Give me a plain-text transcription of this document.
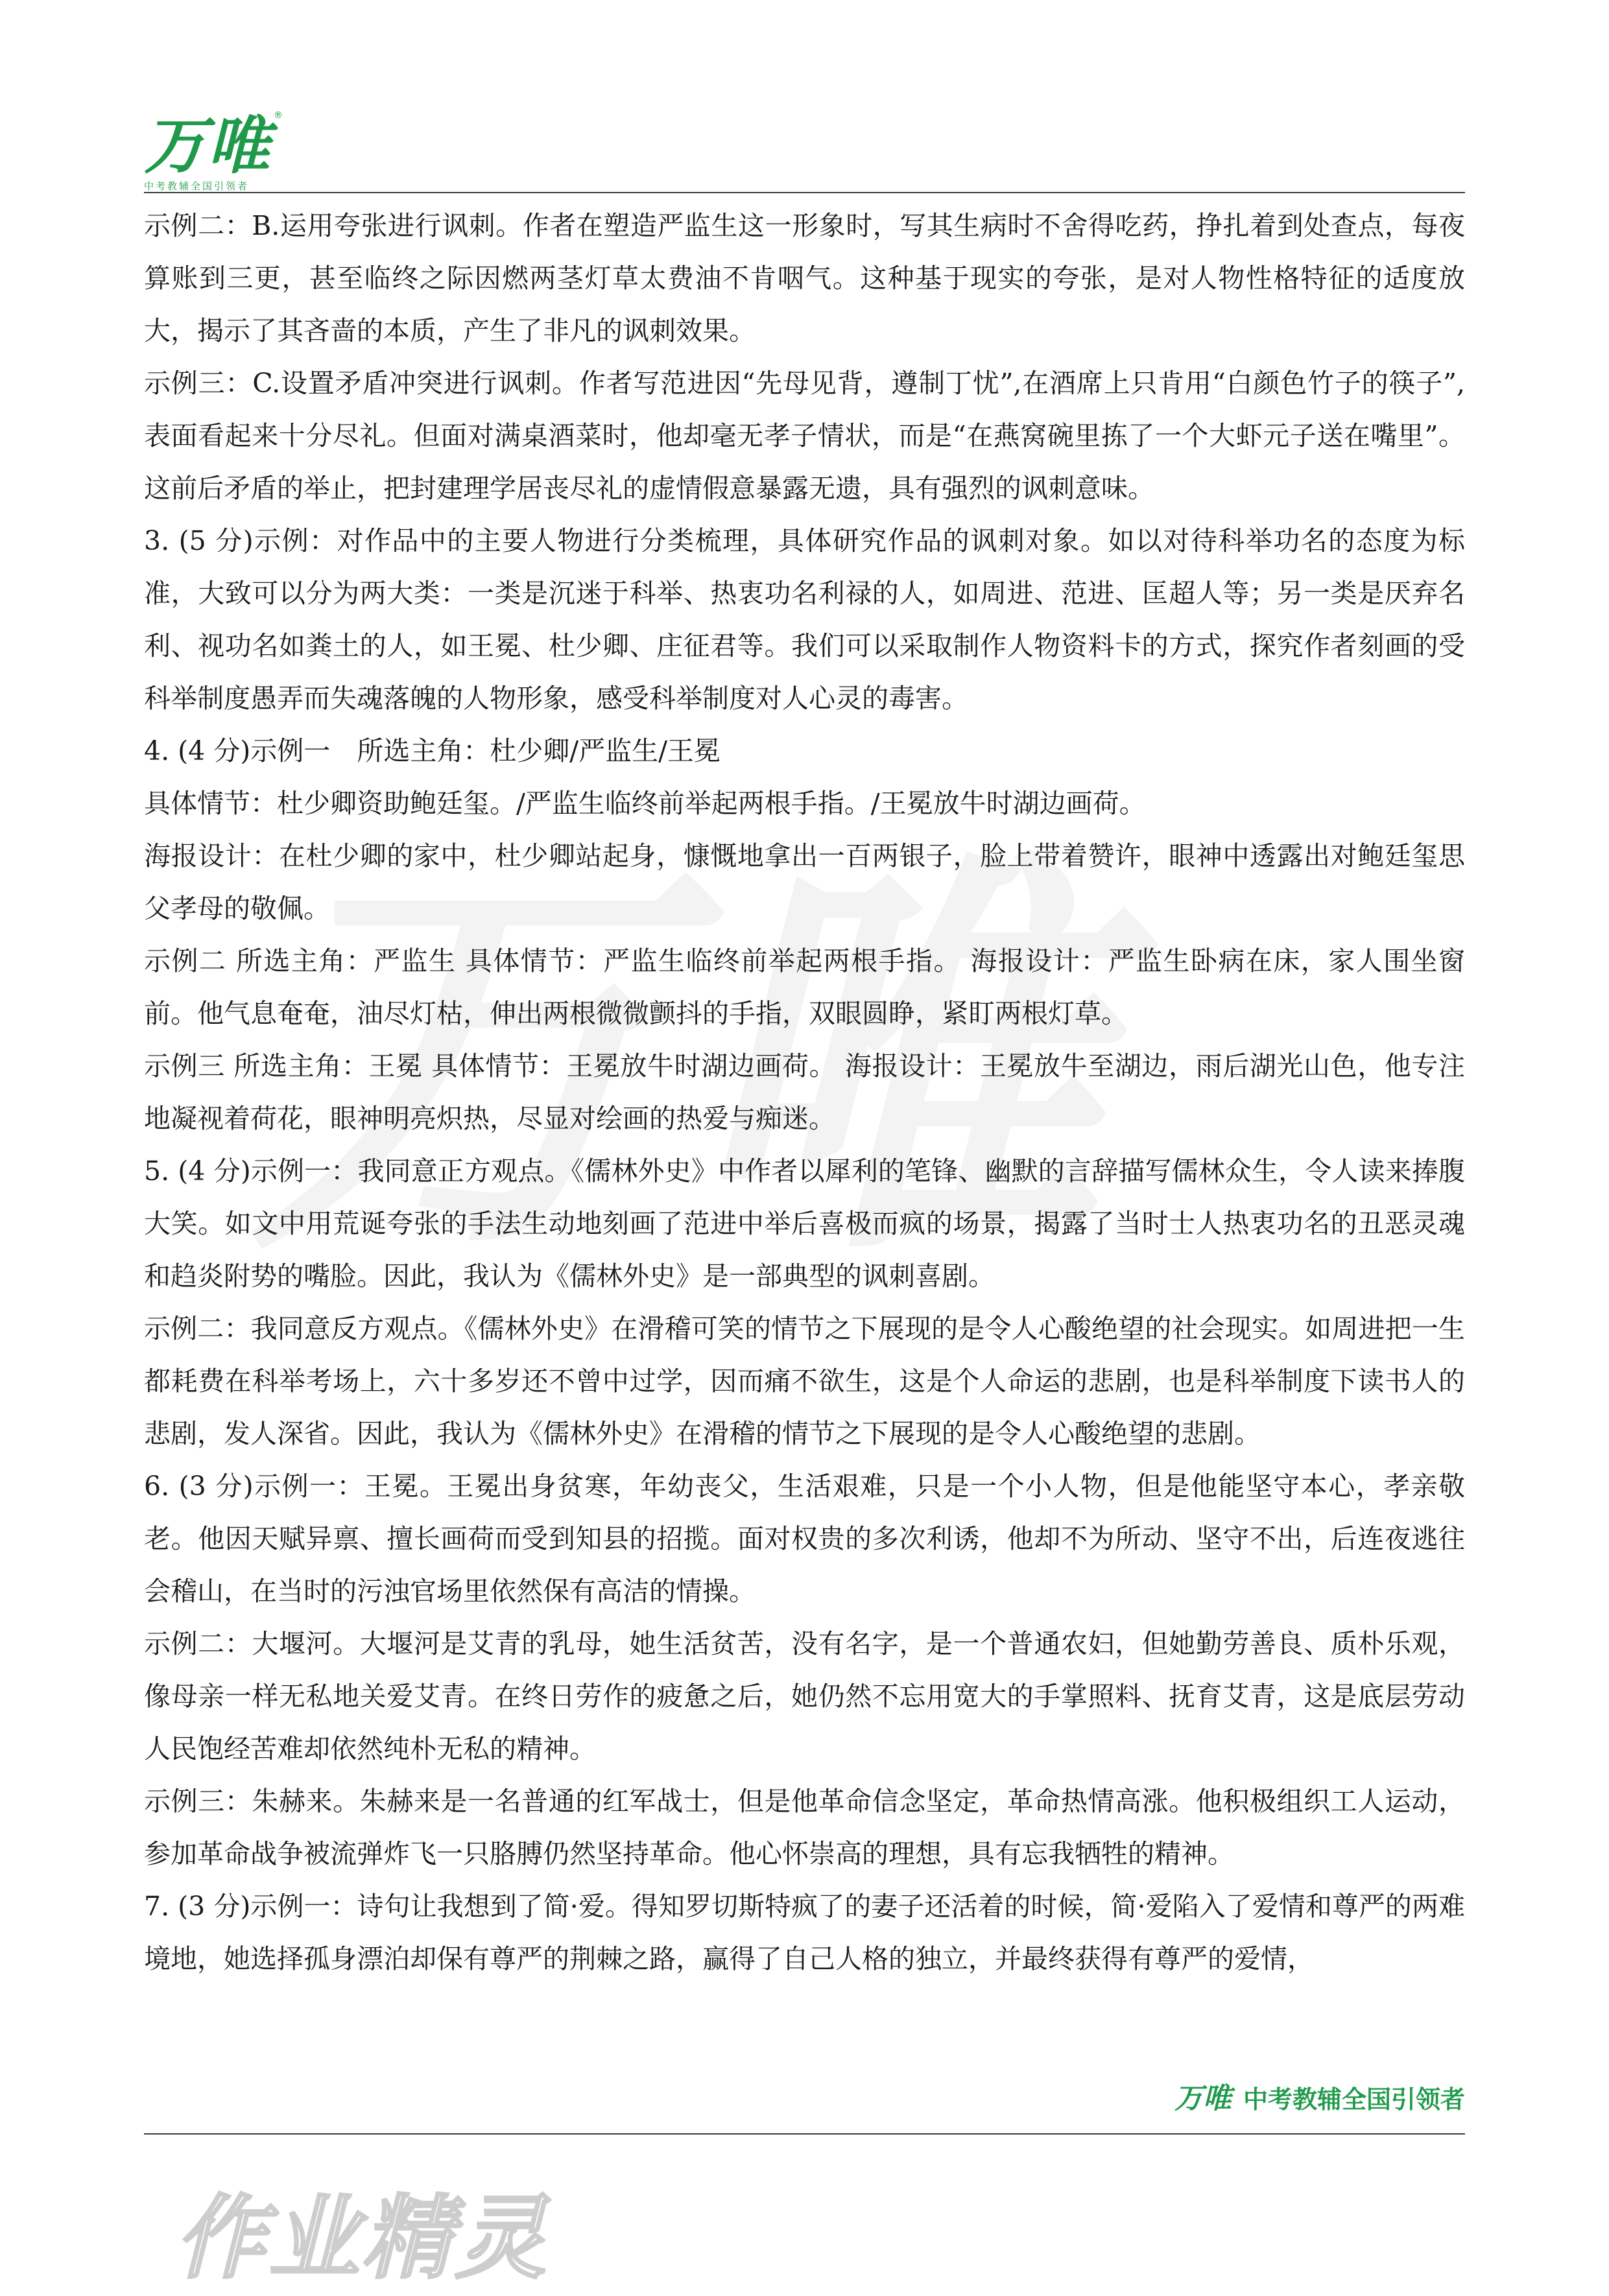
万唯
中考教辅全国引领者
®

示例二：B.运用夸张进行讽刺。作者在塑造严监生这一形象时，写其生病时不舍得吃药，挣扎着到处查点，每夜算账到三更，甚至临终之际因燃两茎灯草太费油不肯咽气。这种基于现实的夸张，是对人物性格特征的适度放大，揭示了其吝啬的本质，产生了非凡的讽刺效果。

示例三：C.设置矛盾冲突进行讽刺。作者写范进因“先母见背，遵制丁忧”,在酒席上只肯用“白颜色竹子的筷子”,表面看起来十分尽礼。但面对满桌酒菜时，他却毫无孝子情状，而是“在燕窝碗里拣了一个大虾元子送在嘴里”。这前后矛盾的举止，把封建理学居丧尽礼的虚情假意暴露无遗，具有强烈的讽刺意味。

3. (5 分)示例：对作品中的主要人物进行分类梳理，具体研究作品的讽刺对象。如以对待科举功名的态度为标准，大致可以分为两大类：一类是沉迷于科举、热衷功名利禄的人，如周进、范进、匡超人等；另一类是厌弃名利、视功名如粪土的人，如王冕、杜少卿、庄征君等。我们可以采取制作人物资料卡的方式，探究作者刻画的受科举制度愚弄而失魂落魄的人物形象，感受科举制度对人心灵的毒害。

4. (4 分)示例一　所选主角：杜少卿/严监生/王冕

具体情节：杜少卿资助鲍廷玺。/严监生临终前举起两根手指。/王冕放牛时湖边画荷。

海报设计：在杜少卿的家中，杜少卿站起身，慷慨地拿出一百两银子，脸上带着赞许，眼神中透露出对鲍廷玺思父孝母的敬佩。

示例二 所选主角：严监生 具体情节：严监生临终前举起两根手指。 海报设计：严监生卧病在床，家人围坐窗前。他气息奄奄，油尽灯枯，伸出两根微微颤抖的手指，双眼圆睁，紧盯两根灯草。

示例三 所选主角：王冕 具体情节：王冕放牛时湖边画荷。 海报设计：王冕放牛至湖边，雨后湖光山色，他专注地凝视着荷花，眼神明亮炽热，尽显对绘画的热爱与痴迷。

5. (4 分)示例一：我同意正方观点。《儒林外史》中作者以犀利的笔锋、幽默的言辞描写儒林众生，令人读来捧腹大笑。如文中用荒诞夸张的手法生动地刻画了范进中举后喜极而疯的场景，揭露了当时士人热衷功名的丑恶灵魂和趋炎附势的嘴脸。因此，我认为《儒林外史》是一部典型的讽刺喜剧。

示例二：我同意反方观点。《儒林外史》在滑稽可笑的情节之下展现的是令人心酸绝望的社会现实。如周进把一生都耗费在科举考场上，六十多岁还不曾中过学，因而痛不欲生，这是个人命运的悲剧，也是科举制度下读书人的悲剧，发人深省。因此，我认为《儒林外史》在滑稽的情节之下展现的是令人心酸绝望的悲剧。

6. (3 分)示例一：王冕。王冕出身贫寒，年幼丧父，生活艰难，只是一个小人物，但是他能坚守本心，孝亲敬老。他因天赋异禀、擅长画荷而受到知县的招揽。面对权贵的多次利诱，他却不为所动、坚守不出，后连夜逃往会稽山，在当时的污浊官场里依然保有高洁的情操。

示例二：大堰河。大堰河是艾青的乳母，她生活贫苦，没有名字，是一个普通农妇，但她勤劳善良、质朴乐观，像母亲一样无私地关爱艾青。在终日劳作的疲惫之后，她仍然不忘用宽大的手掌照料、抚育艾青，这是底层劳动人民饱经苦难却依然纯朴无私的精神。

示例三：朱赫来。朱赫来是一名普通的红军战士，但是他革命信念坚定，革命热情高涨。他积极组织工人运动，参加革命战争被流弹炸飞一只胳膊仍然坚持革命。他心怀崇高的理想，具有忘我牺牲的精神。

7. (3 分)示例一：诗句让我想到了简·爱。得知罗切斯特疯了的妻子还活着的时候，简·爱陷入了爱情和尊严的两难境地，她选择孤身漂泊却保有尊严的荆棘之路，赢得了自己人格的独立，并最终获得有尊严的爱情，

万唯 中考教辅全国引领者
作业精灵
